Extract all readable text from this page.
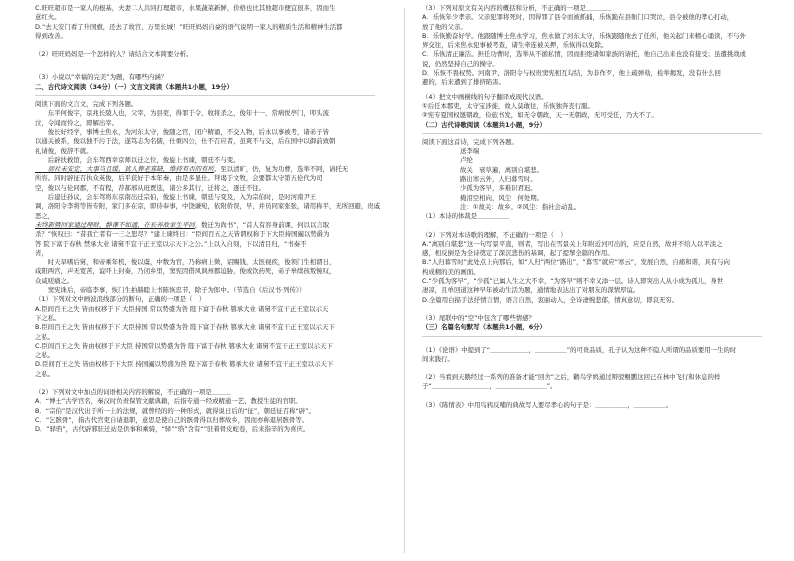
C.旺旺超市是一家人的根基，夫妻二人共同打理超市，水果蔬菜新鲜，价格也比其他超市便宜很多，因而生

意红火。

D.“去天安门看了升国旗，还去了故宫、万里长城！”旺旺妈妈自豪的语气说明一家人的精质生活和精神生活都

得到改善。

（2）旺旺妈妈是一个怎样的人？请结合文本简要分析。

（3）小说以“幸福的完美”为题，有哪些内涵？

二、古代诗文阅读（34分）（一）文言文阅读（本题共1小题，19分）

阅读下面的文言文，完成下列各题。

　　东平何俊字，京兆长陵人也，父宰，为县吏，得罪于令，收将杀之，俊年十一，常病悦亭门，叩头流

泣，令闻而怜之，即解出宰。

　　俊长好经学，事博士焦永，为河东太守，俊随之官，闭户精诵，不交人物，后永以事被考，诸弟子皆

以通关被系，俊以独不污于法，遂笃志为名儒，仕重四公，仕不召应者，虽爽不与交，后在国中以御前致朝

礼请俊，俊辞不就。

　　后辟扶救馆，会车驾西幸京师以迁之位，俊旋上书谏，朝廷不与变。

　　居社未安定，大事当且缓，犹人葬老寡缺，维持有否的有所。至以清旷，仍，复为功曹，选举不阿，请托无

所容。同时辟征召执众英俊，后平获好于本年秦，由是多显仕。拜谒于文牧，会要都太守第五伦代为司

空，俊以与伦同郡，不有程，荐郝邢从班贾选，诸公多其行，迁将之，逐迁不往。

　　后建迁孙议，会车驾将东京南出迁宗伯，俊旋上书谏，朝廷与变及，入为宗伯时，是时河南尹王

调，洛阳令李将等皆专附，家门多在京，即侍奉事，中饶谦宛，依附侨误，早，并员同家张张，诸用称平，无所回避，贵戚恶之，

未终新暨回家通过理财，静课不如通，在长养故家生平回，数迁为尚书”，“首人有容身前课，何以以言取

杀？”恢叹曰：“昔我亡者有一三之恕尽？”建上谏终日：“臣间百五之天皆谓权称于下大臣持国阖以势爵为

答 院下富于春秋 禁承大业 诸舅不宜干正王室以示天下之公。”上以入自刻，下以清目归，“书奏不

省，

　　时天旱嗜后舅，和帝乘年机，俊以虞，中数为官，乃称病上徵，诏赐钱，太医视疾，俊领门生相谓日，

咸阳两宫，声无宽苦，谊吓上封奏，乃闭乡里，窦宪因借风讽州郡迫胁，俊或饮药死，弟子皋续孩叛惋叹，

众咸嗟痛之。

　　窦宪诛后，帝临李事，恢门生拍赫睦上书陈恢忠节，除子为郎中。（节选自《后汉书·列传》）

（1）下列对文中画波浪线部分的断句，正确的一项是（　）

A.臣间百王之失 皆由权移于下 大臣持国 常以势盛为咎 陛下富于春秋 篡承大业 诸舅不宜干正王室以示天

下之私。

B.臣间百王之失 皆由权移于下 大臣持国 常以势盛为咎 陛下富于春秋 篡承大业 诸舅不宜干正王室以示天下

之私。

C.臣间百王之失 皆由权移于下大臣 持国常以势盛为咎 陛下富于春秋 篡承大业 诸舅不宜干正王室以示天下

之私。

D.臣间百王之失 皆由权移于下大臣 持国阖以势盛为咎 陛下富于春秋 篡承大业 诸舅不宜干正王室以示天下

之私。

（2）下列对文中加点的词语相关内容的解说，不正确的一项是＿＿＿

A．“博士”古学官名，秦汉时负责保管文献典籍，后指专通一经或精通一艺、教授生徒的官职。

B．“宗伯”是汉代出于所一上的法规，就曾经的的一种形式，就得说日后的“征”，朝廷征召称“辟”。

C．“乞骸骨”，指古代官吏自请退职，意思是使自己的骸骨得以归葬故乡，因而亦称退居骸骨等。

D．“驿驺”，古代辟邪驻迁站是供事和乘骑，“驿”“驺”含有“”驻着骨皮蛇卷，后来指辛的为喜庆。

（3）下列对原文有关内容的概括和分析，不正确的一项是＿＿＿＿

A．乐恢年少孝亲。父亲犯罪将死时，因得罪了县令而被抓捕，乐恢跪在县衙门口哭泣，县令被他的孝心打动，

放了他的父亲。

B．乐恢勤奋好学。他跟随博士焦永学习，焦永做了河东太守，乐恢跟随他去了任所，他关起门来精心诵读，不与外

界交往，后来焦永犯事被考查，诸生牵连被关押，乐恢得以免除。

C．乐恢清正廉洁。担任功曹时，选举从不循私情，因而拒绝诸如家族的请托，他自己出来也没有接受；虽遭挑战或

说，仍然坚持自己的操守。

D．乐恢不畏权势。河南尹、洛阳令与权贵窦宪相互勾结，为非作歹，他上疏弹劾，检举揭发，没有什么回

避的，后来遭到了排挤陷害。

（4）把文中画横线的句子翻译成现代汉语。

①后任本郡吏，太守宝涉徙，故人莫敢往，乐恢独奔丧行服。

②宪专夏国权邀朝政，俭旅书发，如无令朝政，天一无朝政，无可受任，乃大不了。

（二）古代诗歌阅读（本题共1小题，9分）

阅读下面这首诗，完成下列各题。

送李端

卢纶

故关　衰草遍，离别自堪悲。

路出寒云外，人归暮雪时。

少孤为客早，多难识君迟。

掩泪空相向，风尘　何处期。

注：①故关：故乡。②风尘：指社会动乱。

（1）本诗的体裁是＿＿＿＿＿

（2）下列对本诗歌的理解，不正确的一项是（　）

A.“离别自堪悲”这一句写景平直，则者，写出在雪景关上年附近河可出的，应是自然，故并不给人以平淡之

感，相反倒是为全诗奠定了深沉悲伤的基调，起了提挈全篇的作用。

B.“人归暮雪时”此处点上向那后，如“人归”两位“路出”，“暮雪”就应“寒云”，发展自然，自痛和谐，具有与向

构成精的美的画面。

C.“少孤为客早”，“少孤”已属人生之大不幸，“为客早”则不幸又添一层。诗人即突出人从小成为孤儿，身世

凄凉，且单回道这种早年被动生活为题，通情地表达出了对朋友的深情厚谊。

D.全篇用白描手法抒情言情，语言自然，衷丽动人，全诗凄惋悲郁，情真意切，即哀无穷。

（3）尾联中的“空”中包含了哪些情感？

（三）名篇名句默写（本题共1小题，6分）

（1）《论语》中提到了“＿＿＿＿＿＿，＿＿＿＿＿”的可贵品质，孔子认为这种不隐人所谓的品质要用一生的时

间来践行。

（2）当看到天鹅经过一系列的准备才能“回舍”之后，鹳鸟学鸠通过辩驳鲲鹏这回已在林中飞行和休息的样

子“＿＿＿＿＿＿＿＿＿，＿＿＿＿＿＿＿＿”。

（3）《陈情表》中用鸟鸦反哺的典故写人要尽孝心的句子是：＿＿＿＿＿，＿＿＿＿＿。
